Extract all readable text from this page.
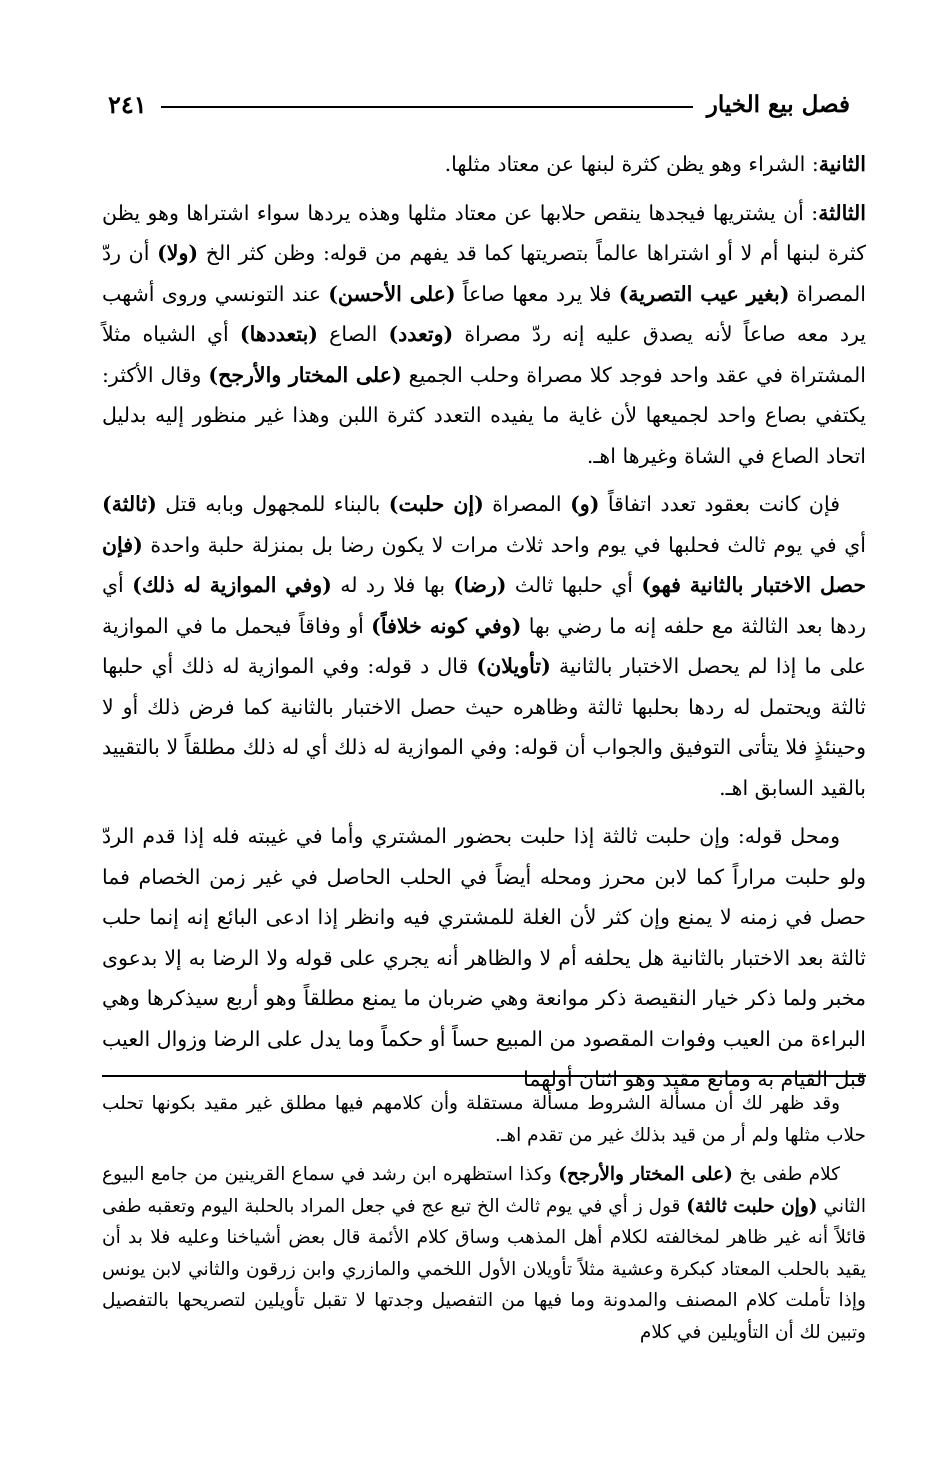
فصل بيع الخيار
٢٤١

الثانية: الشراء وهو يظن كثرة لبنها عن معتاد مثلها.

الثالثة: أن يشتريها فيجدها ينقص حلابها عن معتاد مثلها وهذه يردها سواء اشتراها وهو يظن كثرة لبنها أم لا أو اشتراها عالماً بتصريتها كما قد يفهم من قوله: وظن كثر الخ (ولا) أن ردّ المصراة (بغير عيب التصرية) فلا يرد معها صاعاً (على الأحسن) عند التونسي وروى أشهب يرد معه صاعاً لأنه يصدق عليه إنه ردّ مصراة (وتعدد) الصاع (بتعددها) أي الشياه مثلاً المشتراة في عقد واحد فوجد كلا مصراة وحلب الجميع (على المختار والأرجح) وقال الأكثر: يكتفي بصاع واحد لجميعها لأن غاية ما يفيده التعدد كثرة اللبن وهذا غير منظور إليه بدليل اتحاد الصاع في الشاة وغيرها اهـ.

فإن كانت بعقود تعدد اتفاقاً (و) المصراة (إن حلبت) بالبناء للمجهول وبابه قتل (ثالثة) أي في يوم ثالث فحلبها في يوم واحد ثلاث مرات لا يكون رضا بل بمنزلة حلبة واحدة (فإن حصل الاختبار بالثانية فهو) أي حلبها ثالث (رضا) بها فلا رد له (وفي الموازية له ذلك) أي ردها بعد الثالثة مع حلفه إنه ما رضي بها (وفي كونه خلافاً) أو وفاقاً فيحمل ما في الموازية على ما إذا لم يحصل الاختبار بالثانية (تأويلان) قال د قوله: وفي الموازية له ذلك أي حلبها ثالثة ويحتمل له ردها بحلبها ثالثة وظاهره حيث حصل الاختبار بالثانية كما فرض ذلك أو لا وحينئذٍ فلا يتأتى التوفيق والجواب أن قوله: وفي الموازية له ذلك أي له ذلك مطلقاً لا بالتقييد بالقيد السابق اهـ.

ومحل قوله: وإن حلبت ثالثة إذا حلبت بحضور المشتري وأما في غيبته فله إذا قدم الردّ ولو حلبت مراراً كما لابن محرز ومحله أيضاً في الحلب الحاصل في غير زمن الخصام فما حصل في زمنه لا يمنع وإن كثر لأن الغلة للمشتري فيه وانظر إذا ادعى البائع إنه إنما حلب ثالثة بعد الاختبار بالثانية هل يحلفه أم لا والظاهر أنه يجري على قوله ولا الرضا به إلا بدعوى مخبر ولما ذكر خيار النقيصة ذكر موانعة وهي ضربان ما يمنع مطلقاً وهو أربع سيذكرها وهي البراءة من العيب وفوات المقصود من المبيع حساً أو حكماً وما يدل على الرضا وزوال العيب قبل القيام به ومانع مقيد وهو اثنان أولهما

وقد ظهر لك أن مسألة الشروط مسألة مستقلة وأن كلامهم فيها مطلق غير مقيد بكونها تحلب حلاب مثلها ولم أر من قيد بذلك غير من تقدم اهـ.

كلام طفى بخ (على المختار والأرجح) وكذا استظهره ابن رشد في سماع القرينين من جامع البيوع الثاني (وإن حلبت ثالثة) قول ز أي في يوم ثالث الخ تبع عج في جعل المراد بالحلبة اليوم وتعقبه طفى قائلاً أنه غير ظاهر لمخالفته لكلام أهل المذهب وساق كلام الأئمة قال بعض أشياخنا وعليه فلا بد أن يقيد بالحلب المعتاد كبكرة وعشية مثلاً تأويلان الأول اللخمي والمازري وابن زرقون والثاني لابن يونس وإذا تأملت كلام المصنف والمدونة وما فيها من التفصيل وجدتها لا تقبل تأويلين لتصريحها بالتفصيل وتبين لك أن التأويلين في كلام
